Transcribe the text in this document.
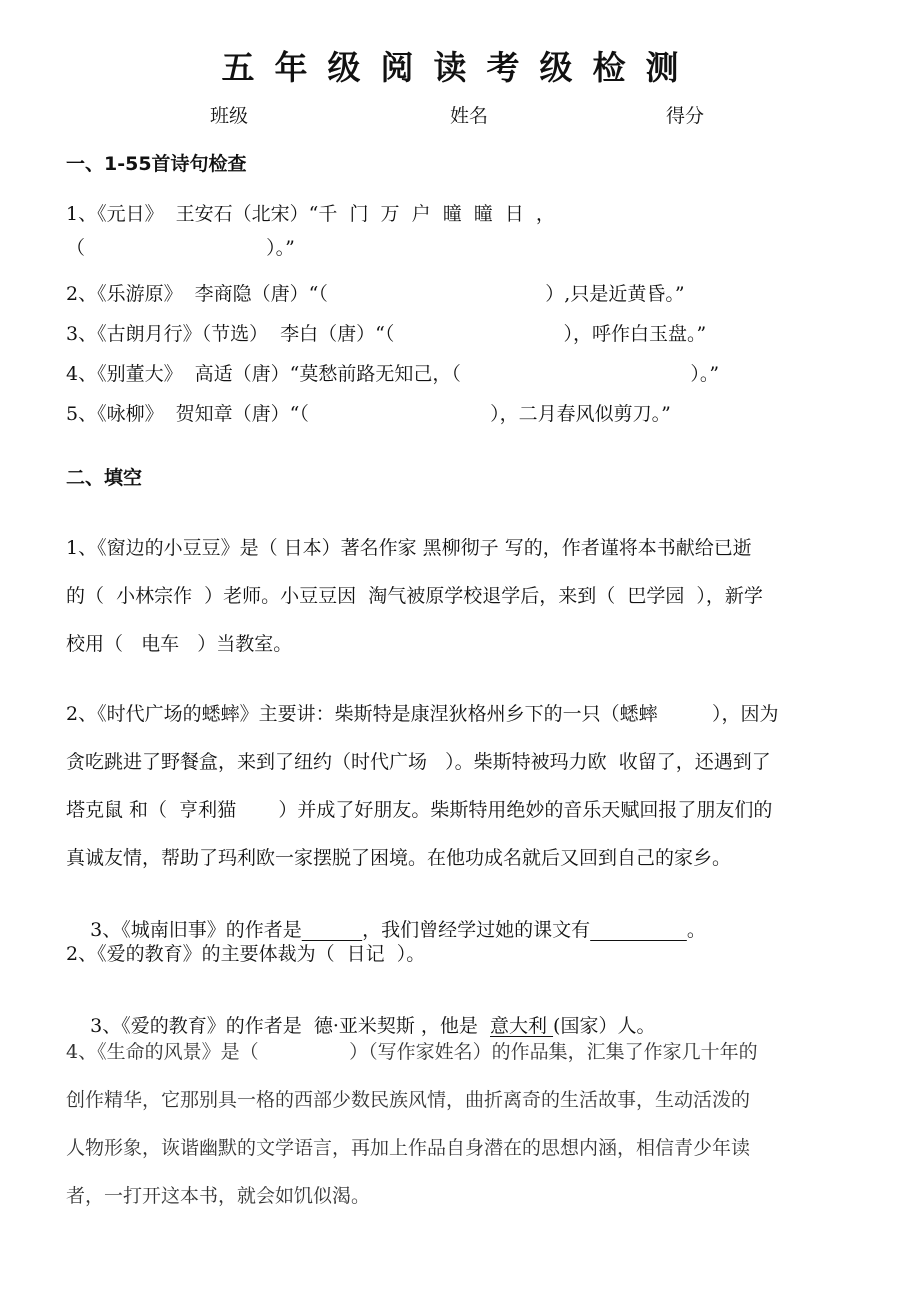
五年级阅读考级检测
班级	姓名	得分
一、1-55首诗句检查
1、《元日》  王安石（北宋）“千  门  万  户  曈  曈  日  ，
（                              ）。”
2、《乐游原》  李商隐（唐）“（                                    ）,只是近黄昏。”
3、《古朗月行》（节选）  李白（唐）“（                            ），呼作白玉盘。”
4、《别董大》  高适（唐）“莫愁前路无知己，（                                      ）。”
5、《咏柳》  贺知章（唐）“（                              ），二月春风似剪刀。”
二、填空
1、《窗边的小豆豆》是（ 日本）著名作家 黑柳彻子 写的，作者谨将本书献给已逝
的（  小林宗作  ）老师。小豆豆因  淘气被原学校退学后，来到（  巴学园  ），新学
校用（   电车   ）当教室。
2、《时代广场的蟋蟀》主要讲：柴斯特是康涅狄格州乡下的一只（蟋蟀         ），因为
贪吃跳进了野餐盒，来到了纽约（时代广场   ）。柴斯特被玛力欧  收留了，还遇到了
塔克鼠 和（  亨利猫       ）并成了好朋友。柴斯特用绝妙的音乐天赋回报了朋友们的
真诚友情，帮助了玛利欧一家摆脱了困境。在他功成名就后又回到自己的家乡。

3、《城南旧事》的作者是	，我们曾经学过她的课文有	。

2、《爱的教育》的主要体裁为（  日记  ）。

3、《爱的教育》的作者是  德·亚米契斯 ，他是  意大利 (国家）人。

4、《生命的风景》是（               ）（写作家姓名）的作品集，汇集了作家几十年的
创作精华，它那别具一格的西部少数民族风情，曲折离奇的生活故事，生动活泼的
人物形象，诙谐幽默的文学语言，再加上作品自身潜在的思想内涵，相信青少年读
者，一打开这本书，就会如饥似渴。
